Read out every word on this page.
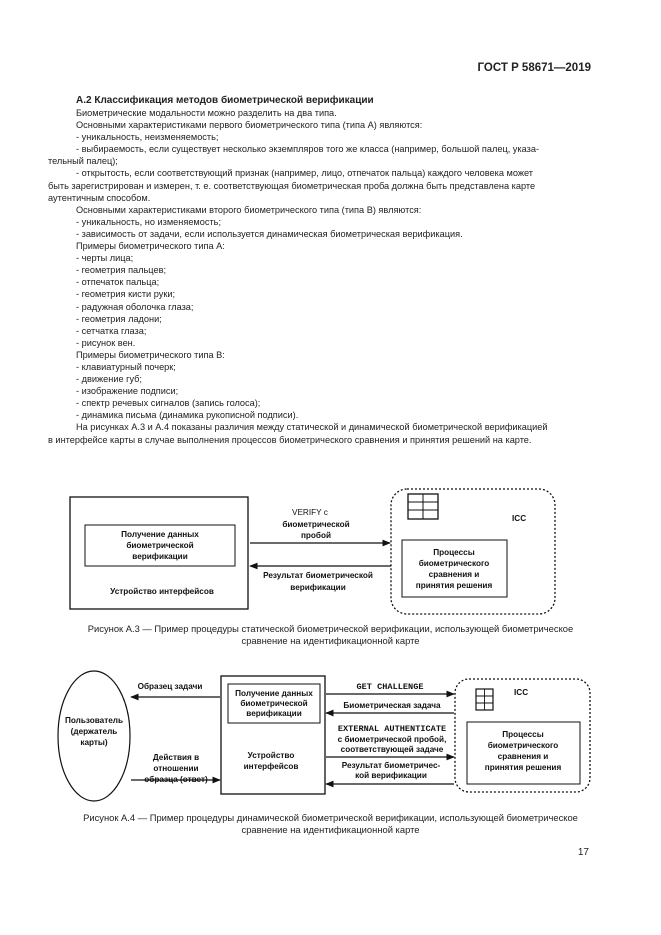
ГОСТ Р 58671—2019
А.2 Классификация методов биометрической верификации

Биометрические модальности можно разделить на два типа.

Основными характеристиками первого биометрического типа (типа А) являются:

- уникальность, неизменяемость;

- выбираемость, если существует несколько экземпляров того же класса (например, большой палец, указа-

тельный палец);

- открытость, если соответствующий признак (например, лицо, отпечаток пальца) каждого человека может

быть зарегистрирован и измерен, т. е. соответствующая биометрическая проба должна быть представлена карте

аутентичным способом.

Основными характеристиками второго биометрического типа (типа В) являются:

- уникальность, но изменяемость;

- зависимость от задачи, если используется динамическая биометрическая верификация.

Примеры биометрического типа А:

- черты лица;

- геометрия пальцев;

- отпечаток пальца;

- геометрия кисти руки;

- радужная оболочка глаза;

- геометрия ладони;

- сетчатка глаза;

- рисунок вен.

Примеры биометрического типа В:

- клавиатурный почерк;

- движение губ;

- изображение подписи;

- спектр речевых сигналов (запись голоса);

- динамика письма (динамика рукописной подписи).

На рисунках А.3 и А.4 показаны различия между статической и динамической биометрической верификацией

в интерфейсе карты в случае выполнения процессов биометрического сравнения и принятия решений на карте.

Получение данных
биометрической
верификации
Устройство интерфейсов
VERIFY с
биометрической
пробой
Результат биометрической
верификации
ICC
Процессы
биометрического
сравнения и
принятия решения
Пользователь
(держатель
карты)
Образец задачи
Действия в
отношении
образца (ответ)
Получение данных
биометрической
верификации
Устройство
интерфейсов
GET CHALLENGE
Биометрическая задача
EXTERNAL AUTHENTICATE
с биометрической пробой,
соответствующей задаче
Результат биометричес-
кой верификации
ICC
Процессы
биометрического
сравнения и
принятия решения
Рисунок А.3 — Пример процедуры статической биометрической верификации, использующей биометрическое
сравнение на идентификационной карте
Рисунок А.4 — Пример процедуры динамической биометрической верификации, использующей биометрическое
сравнение на идентификационной карте
17
